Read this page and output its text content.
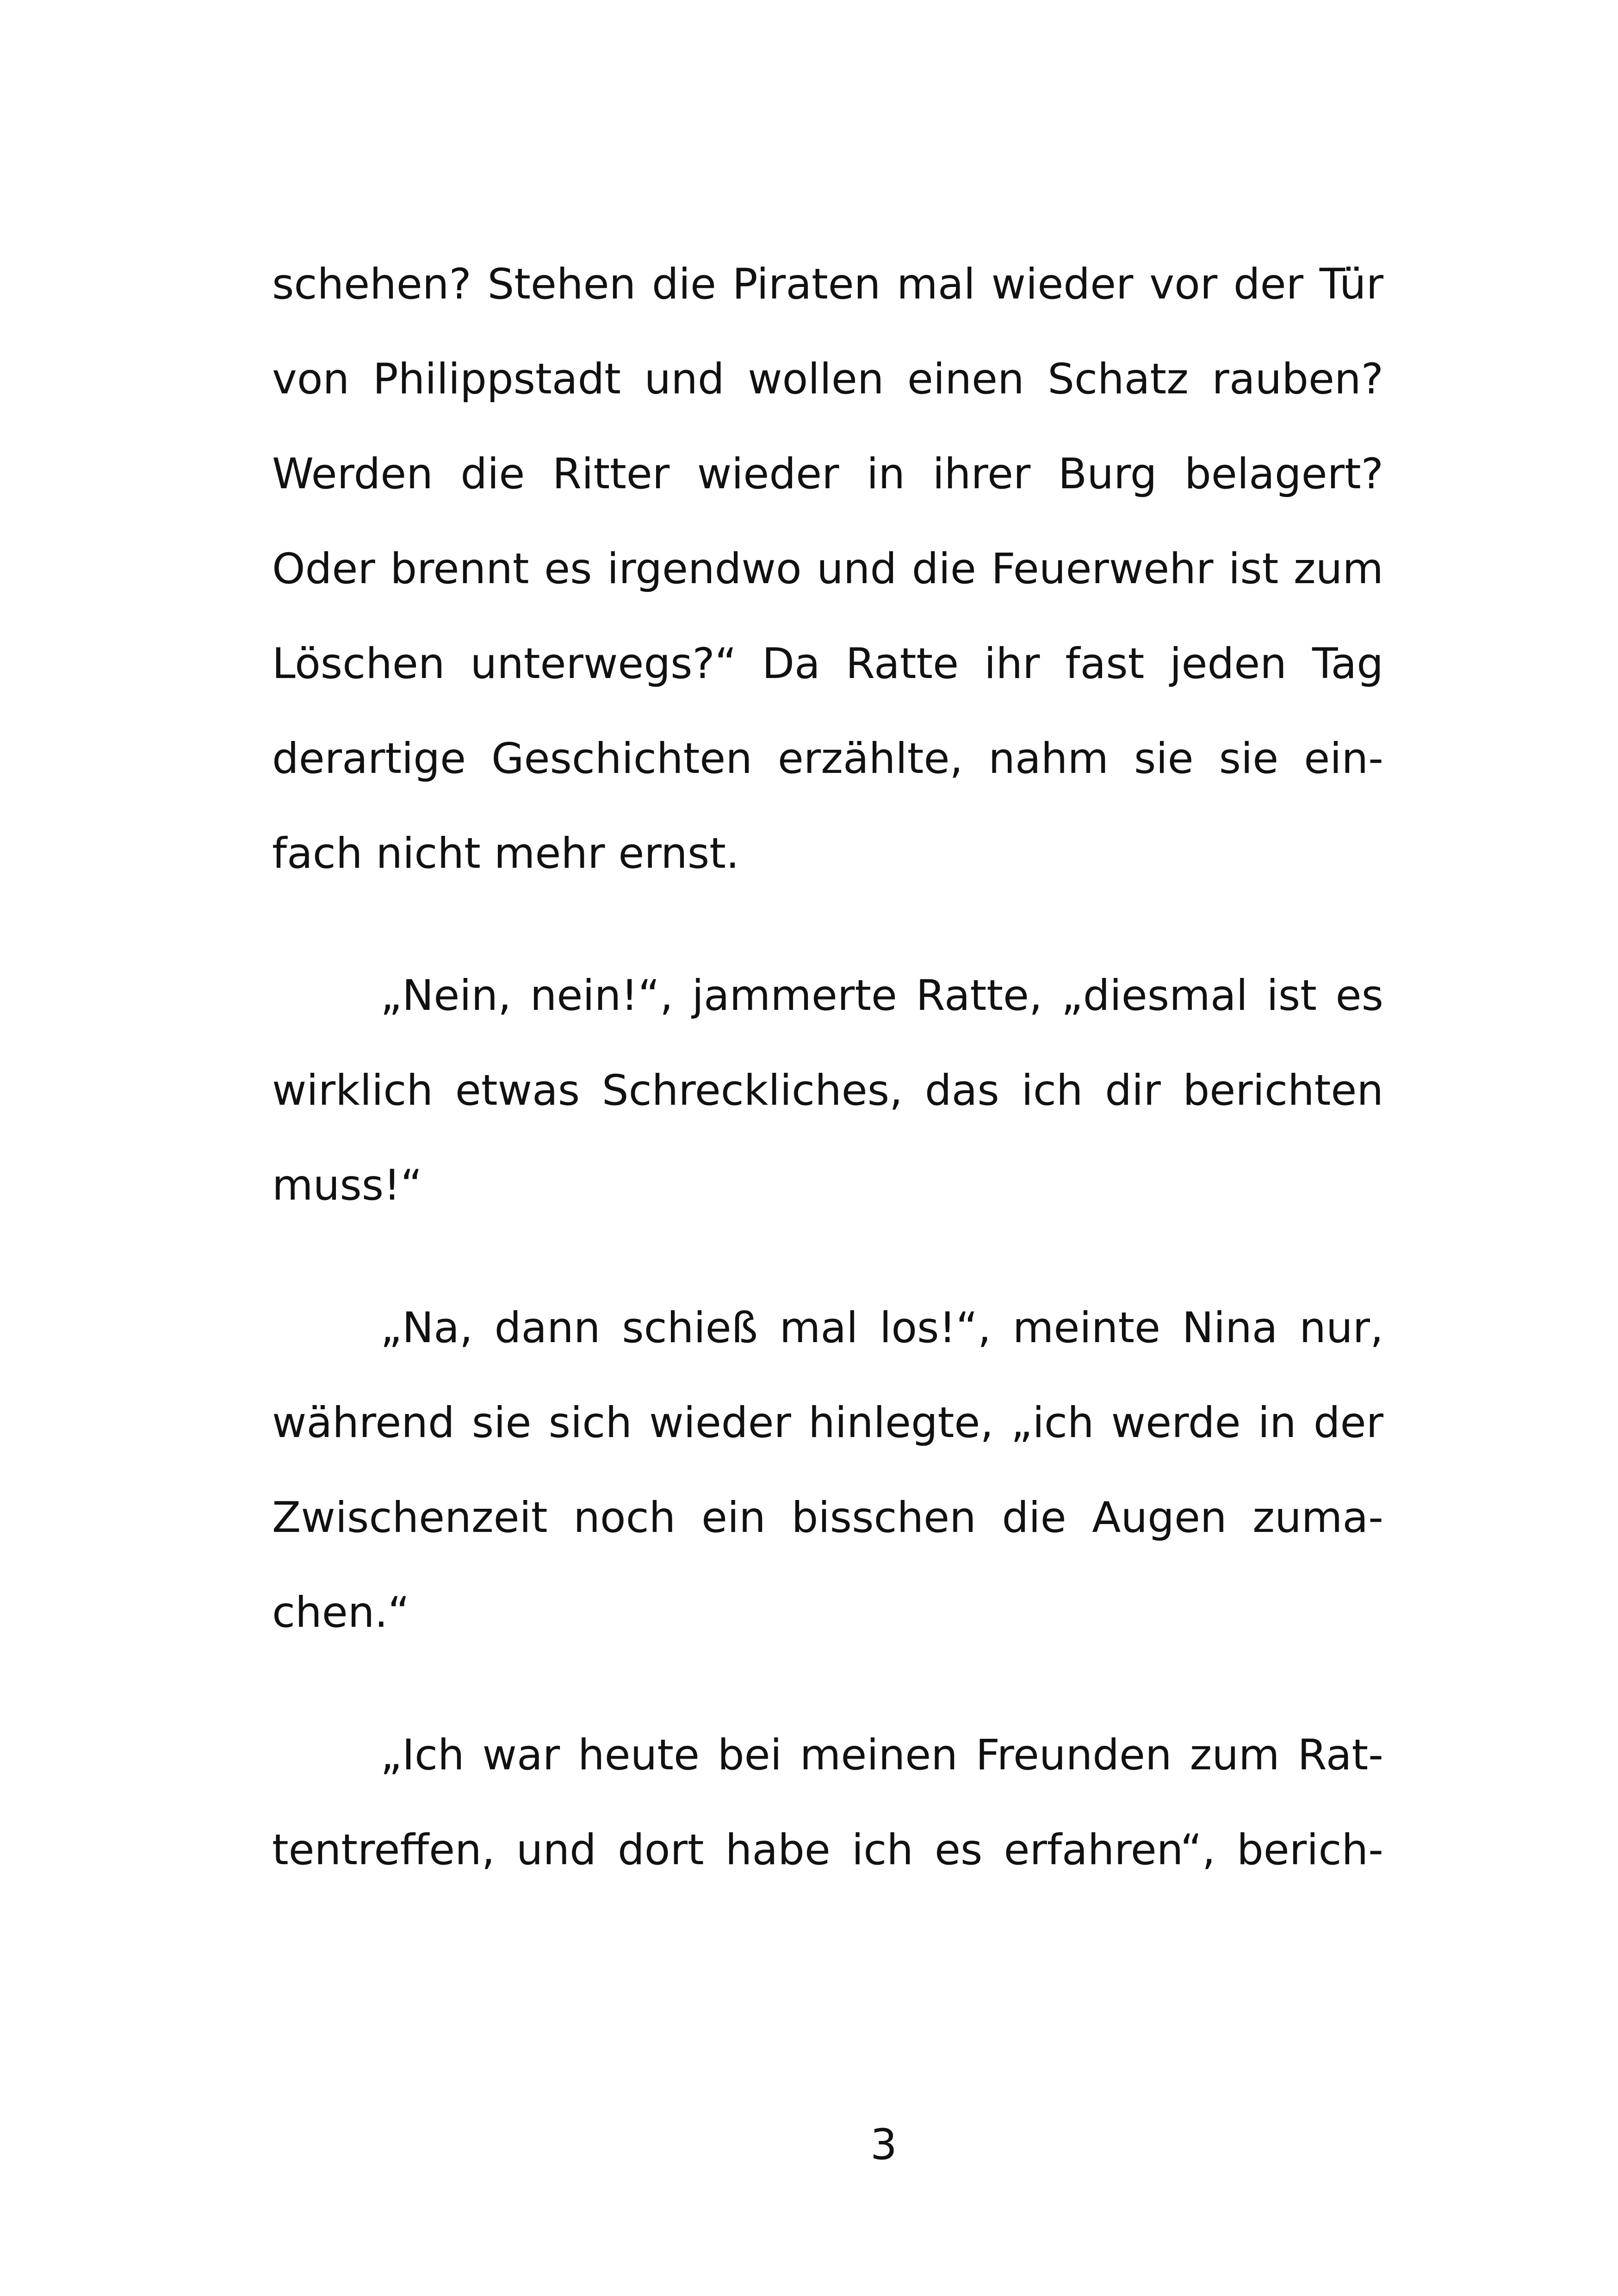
schehen? Stehen die Piraten mal wieder vor der Tür
von Philippstadt und wollen einen Schatz rauben?
Werden die Ritter wieder in ihrer Burg belagert?
Oder brennt es irgendwo und die Feuerwehr ist zum
Löschen unterwegs?“ Da Ratte ihr fast jeden Tag
derartige Geschichten erzählte, nahm sie sie ein-
fach nicht mehr ernst.
„Nein, nein!“, jammerte Ratte, „diesmal ist es
wirklich etwas Schreckliches, das ich dir berichten
muss!“
„Na, dann schieß mal los!“, meinte Nina nur,
während sie sich wieder hinlegte, „ich werde in der
Zwischenzeit noch ein bisschen die Augen zuma-
chen.“
„Ich war heute bei meinen Freunden zum Rat-
tentreffen, und dort habe ich es erfahren“, berich-
3
